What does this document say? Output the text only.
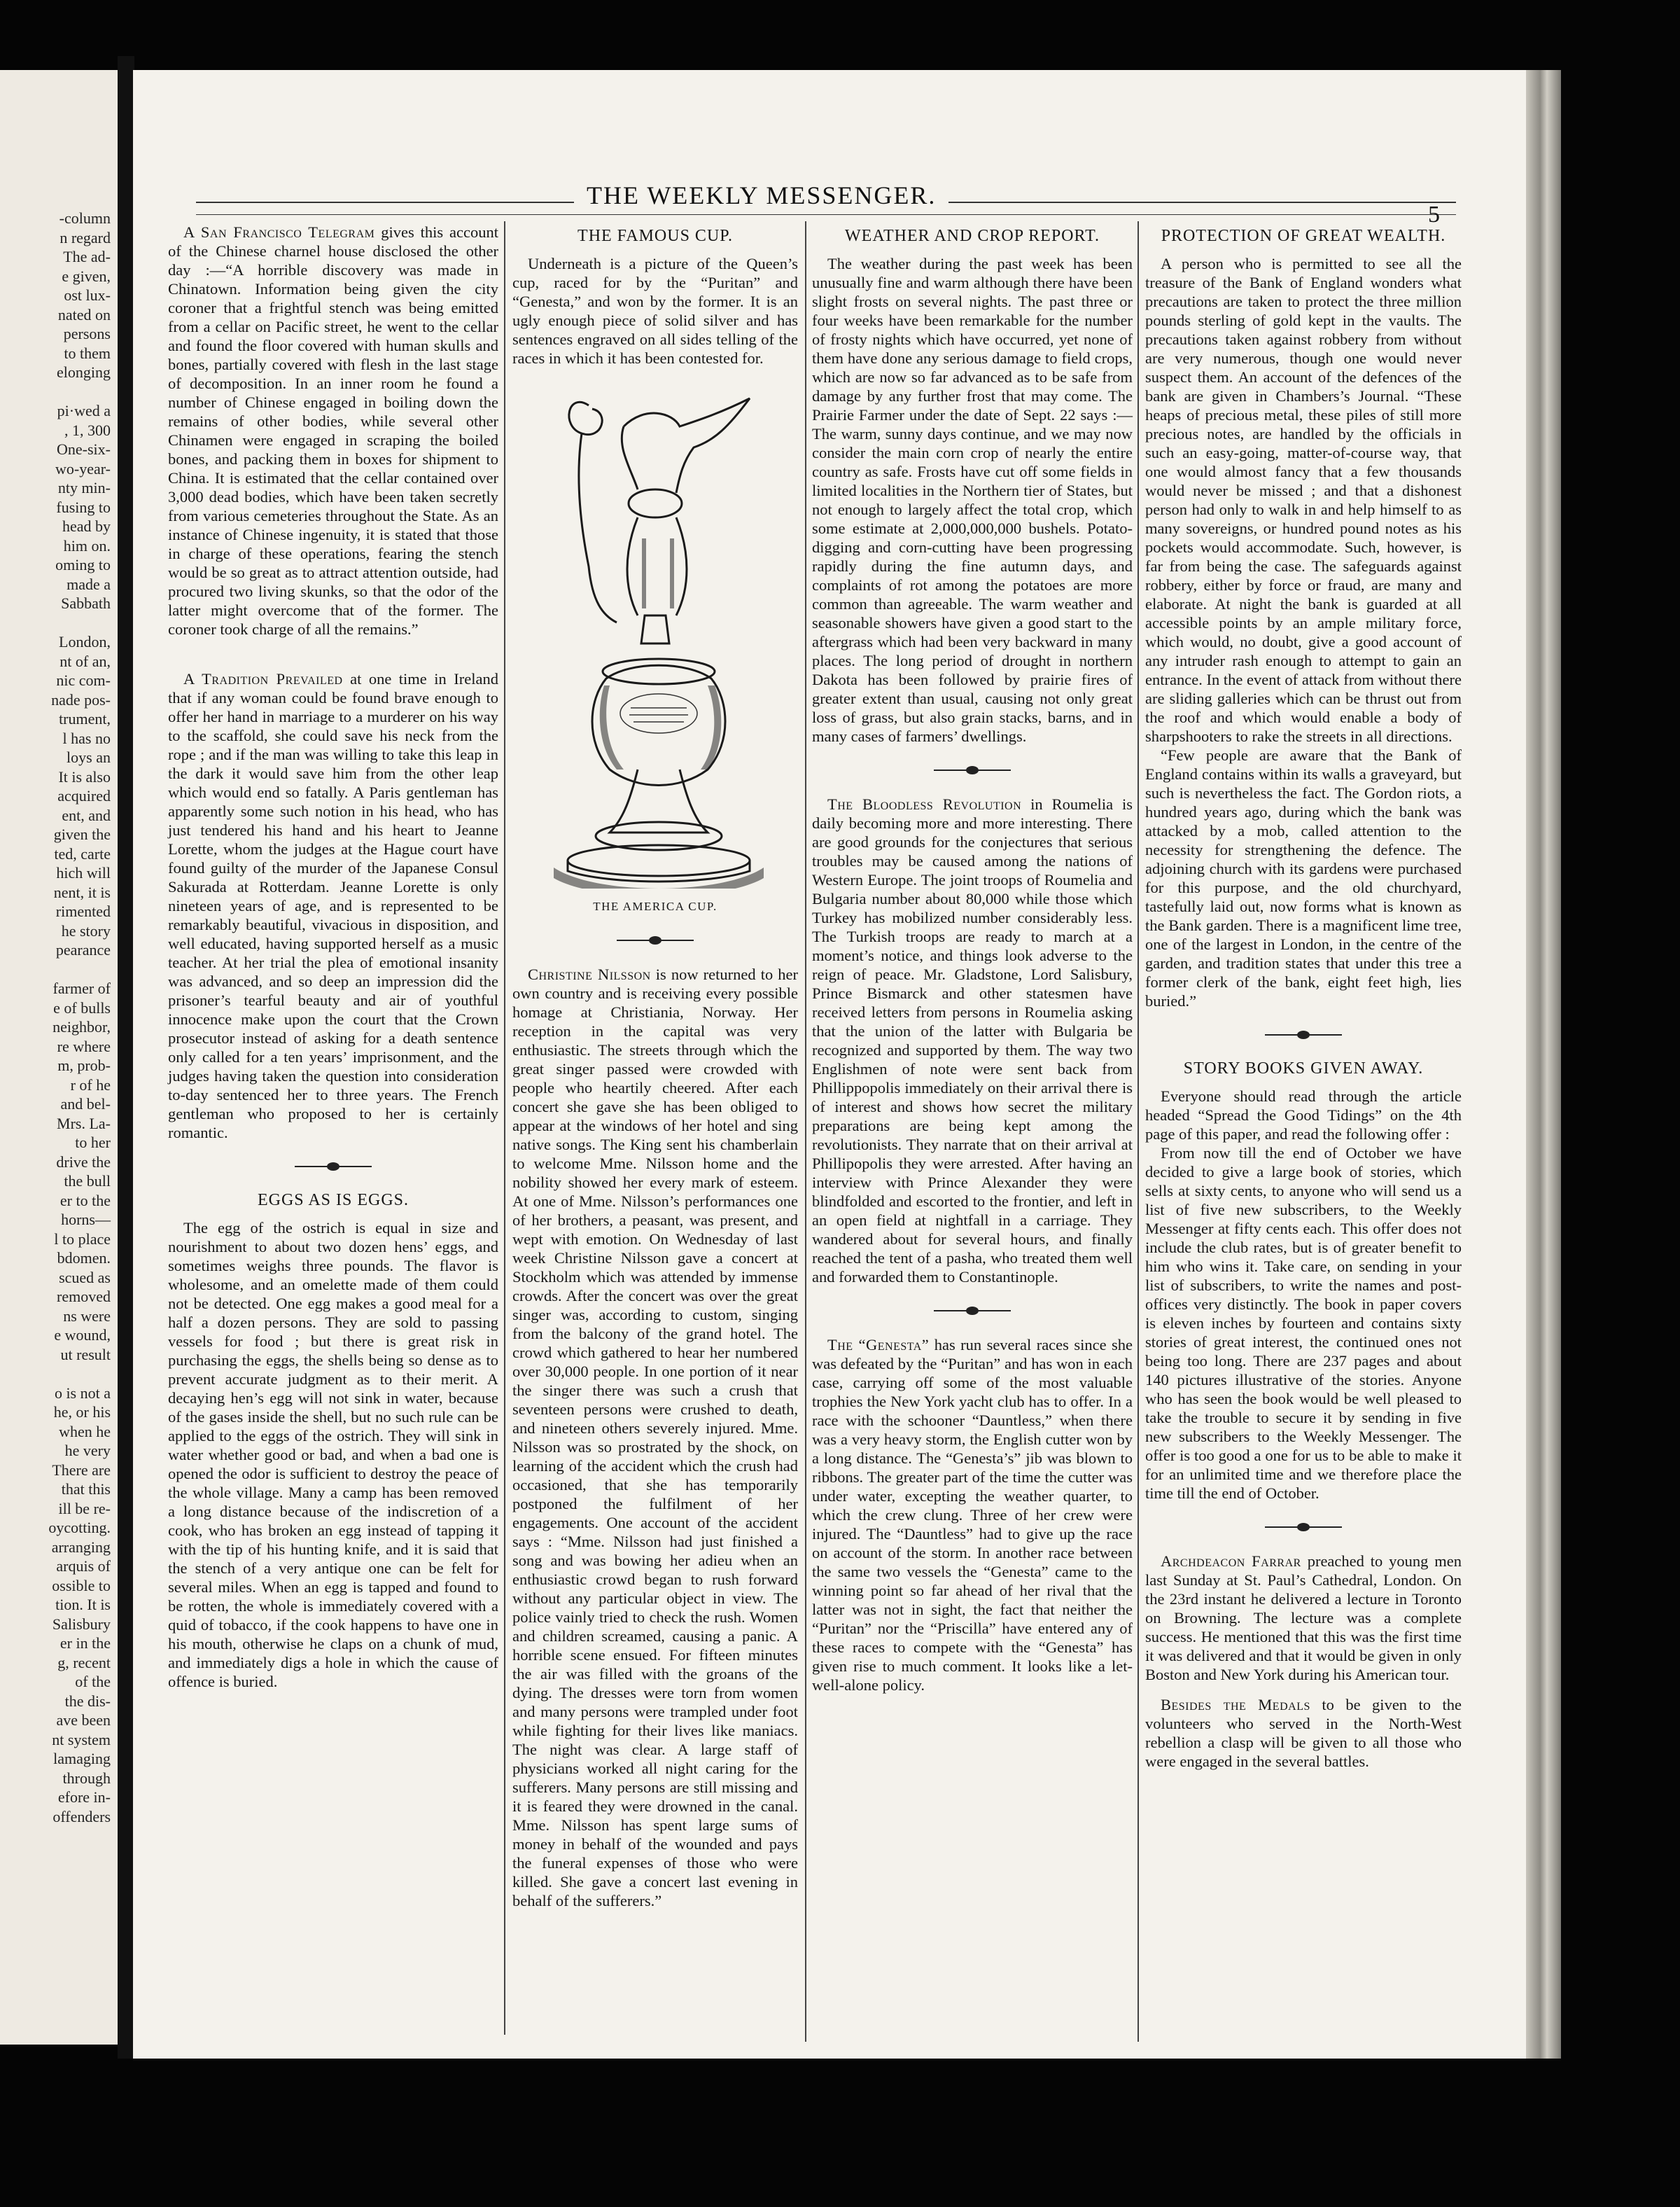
-column
n regard
The ad-
e given,
ost lux-
nated on
persons
to them
elonging

pi·wed a
, 1, 300
One-six-
wo-year-
nty min-
fusing to
head by
him on.
oming to
made a
Sabbath

London,
nt of an,
nic com-
nade pos-
trument,
l has no
loys an
It is also
acquired
ent, and
given the
ted, carte
hich will
nent, it is
rimented
he story
pearance

farmer of
e of bulls
neighbor,
re where
m, prob-
r of he
and bel-
Mrs. La-
to her
drive the
the bull
er to the
horns—
l to place
bdomen.
scued as
removed
ns were
e wound,
ut result

o is not a
he, or his
when he
he very
There are
that this
ill be re-
oycotting.
arranging
arquis of
ossible to
tion. It is
Salisbury
er in the
g, recent
of the
the dis-
ave been
nt system
lamaging
through
efore in-
offenders
THE WEEKLY MESSENGER.
5

A San Francisco Telegram gives this account of the Chinese charnel house disclosed the other day :—“A horrible discovery was made in Chinatown. Information being given the city coroner that a frightful stench was being emitted from a cellar on Pacific street, he went to the cellar and found the floor covered with human skulls and bones, partially covered with flesh in the last stage of decomposition. In an inner room he found a number of Chinese engaged in boiling down the remains of other bodies, while several other Chinamen were engaged in scraping the boiled bones, and packing them in boxes for shipment to China. It is estimated that the cellar contained over 3,000 dead bodies, which have been taken secretly from various cemeteries throughout the State. As an instance of Chinese ingenuity, it is stated that those in charge of these operations, fearing the stench would be so great as to attract attention outside, had procured two living skunks, so that the odor of the latter might overcome that of the former. The coroner took charge of all the remains.”

A Tradition Prevailed at one time in Ireland that if any woman could be found brave enough to offer her hand in marriage to a murderer on his way to the scaffold, she could save his neck from the rope ; and if the man was willing to take this leap in the dark it would save him from the other leap which would end so fatally. A Paris gentleman has apparently some such notion in his head, who has just tendered his hand and his heart to Jeanne Lorette, whom the judges at the Hague court have found guilty of the murder of the Japanese Consul Sakurada at Rotterdam. Jeanne Lorette is only nineteen years of age, and is represented to be remarkably beautiful, vivacious in disposition, and well educated, having supported herself as a music teacher. At her trial the plea of emotional insanity was advanced, and so deep an impression did the prisoner’s tearful beauty and air of youthful innocence make upon the court that the Crown prosecutor instead of asking for a death sentence only called for a ten years’ imprisonment, and the judges having taken the question into consideration to-day sentenced her to three years. The French gentleman who proposed to her is certainly romantic.

EGGS AS IS EGGS.

The egg of the ostrich is equal in size and nourishment to about two dozen hens’ eggs, and sometimes weighs three pounds. The flavor is wholesome, and an omelette made of them could not be detected. One egg makes a good meal for a half a dozen persons. They are sold to passing vessels for food ; but there is great risk in purchasing the eggs, the shells being so dense as to prevent accurate judgment as to their merit. A decaying hen’s egg will not sink in water, because of the gases inside the shell, but no such rule can be applied to the eggs of the ostrich. They will sink in water whether good or bad, and when a bad one is opened the odor is sufficient to destroy the peace of the whole village. Many a camp has been removed a long distance because of the indiscretion of a cook, who has broken an egg instead of tapping it with the tip of his hunting knife, and it is said that the stench of a very antique one can be felt for several miles. When an egg is tapped and found to be rotten, the whole is immediately covered with a quid of tobacco, if the cook happens to have one in his mouth, otherwise he claps on a chunk of mud, and immediately digs a hole in which the cause of offence is buried.

THE FAMOUS CUP.

Underneath is a picture of the Queen’s cup, raced for by the “Puritan” and “Genesta,” and won by the former. It is an ugly enough piece of solid silver and has sentences engraved on all sides telling of the races in which it has been contested for.

THE AMERICA CUP.

Christine Nilsson is now returned to her own country and is receiving every possible homage at Christiania, Norway. Her reception in the capital was very enthusiastic. The streets through which the great singer passed were crowded with people who heartily cheered. After each concert she gave she has been obliged to appear at the windows of her hotel and sing native songs. The King sent his chamberlain to welcome Mme. Nilsson home and the nobility showed her every mark of esteem. At one of Mme. Nilsson’s performances one of her brothers, a peasant, was present, and wept with emotion. On Wednesday of last week Christine Nilsson gave a concert at Stockholm which was attended by immense crowds. After the concert was over the great singer was, according to custom, singing from the balcony of the grand hotel. The crowd which gathered to hear her numbered over 30,000 people. In one portion of it near the singer there was such a crush that seventeen persons were crushed to death, and nineteen others severely injured. Mme. Nilsson was so prostrated by the shock, on learning of the accident which the crush had occasioned, that she has temporarily postponed the fulfilment of her engagements. One account of the accident says : “Mme. Nilsson had just finished a song and was bowing her adieu when an enthusiastic crowd began to rush forward without any particular object in view. The police vainly tried to check the rush. Women and children screamed, causing a panic. A horrible scene ensued. For fifteen minutes the air was filled with the groans of the dying. The dresses were torn from women and many persons were trampled under foot while fighting for their lives like maniacs. The night was clear. A large staff of physicians worked all night caring for the sufferers. Many persons are still missing and it is feared they were drowned in the canal. Mme. Nilsson has spent large sums of money in behalf of the wounded and pays the funeral expenses of those who were killed. She gave a concert last evening in behalf of the sufferers.”

WEATHER AND CROP REPORT.

The weather during the past week has been unusually fine and warm although there have been slight frosts on several nights. The past three or four weeks have been remarkable for the number of frosty nights which have occurred, yet none of them have done any serious damage to field crops, which are now so far advanced as to be safe from damage by any further frost that may come. The Prairie Farmer under the date of Sept. 22 says :—The warm, sunny days continue, and we may now consider the main corn crop of nearly the entire country as safe. Frosts have cut off some fields in limited localities in the Northern tier of States, but not enough to largely affect the total crop, which some estimate at 2,000,000,000 bushels. Potato-digging and corn-cutting have been progressing rapidly during the fine autumn days, and complaints of rot among the potatoes are more common than agreeable. The warm weather and seasonable showers have given a good start to the aftergrass which had been very backward in many places. The long period of drought in northern Dakota has been followed by prairie fires of greater extent than usual, causing not only great loss of grass, but also grain stacks, barns, and in many cases of farmers’ dwellings.

The Bloodless Revolution in Roumelia is daily becoming more and more interesting. There are good grounds for the conjectures that serious troubles may be caused among the nations of Western Europe. The joint troops of Roumelia and Bulgaria number about 80,000 while those which Turkey has mobilized number considerably less. The Turkish troops are ready to march at a moment’s notice, and things look adverse to the reign of peace. Mr. Gladstone, Lord Salisbury, Prince Bismarck and other statesmen have received letters from persons in Roumelia asking that the union of the latter with Bulgaria be recognized and supported by them. The way two Englishmen of note were sent back from Phillippopolis immediately on their arrival there is of interest and shows how secret the military preparations are being kept among the revolutionists. They narrate that on their arrival at Phillipopolis they were arrested. After having an interview with Prince Alexander they were blindfolded and escorted to the frontier, and left in an open field at nightfall in a carriage. They wandered about for several hours, and finally reached the tent of a pasha, who treated them well and forwarded them to Constantinople.

The “Genesta” has run several races since she was defeated by the “Puritan” and has won in each case, carrying off some of the most valuable trophies the New York yacht club has to offer. In a race with the schooner “Dauntless,” when there was a very heavy storm, the English cutter won by a long distance. The “Genesta’s” jib was blown to ribbons. The greater part of the time the cutter was under water, excepting the weather quarter, to which the crew clung. Three of her crew were injured. The “Dauntless” had to give up the race on account of the storm. In another race between the same two vessels the “Genesta” came to the winning point so far ahead of her rival that the latter was not in sight, the fact that neither the “Puritan” nor the “Priscilla” have entered any of these races to compete with the “Genesta” has given rise to much comment. It looks like a let-well-alone policy.

PROTECTION OF GREAT WEALTH.

A person who is permitted to see all the treasure of the Bank of England wonders what precautions are taken to protect the three million pounds sterling of gold kept in the vaults. The precautions taken against robbery from without are very numerous, though one would never suspect them. An account of the defences of the bank are given in Chambers’s Journal. “These heaps of precious metal, these piles of still more precious notes, are handled by the officials in such an easy-going, matter-of-course way, that one would almost fancy that a few thousands would never be missed ; and that a dishonest person had only to walk in and help himself to as many sovereigns, or hundred pound notes as his pockets would accommodate. Such, however, is far from being the case. The safeguards against robbery, either by force or fraud, are many and elaborate. At night the bank is guarded at all accessible points by an ample military force, which would, no doubt, give a good account of any intruder rash enough to attempt to gain an entrance. In the event of attack from without there are sliding galleries which can be thrust out from the roof and which would enable a body of sharpshooters to rake the streets in all directions.

“Few people are aware that the Bank of England contains within its walls a graveyard, but such is nevertheless the fact. The Gordon riots, a hundred years ago, during which the bank was attacked by a mob, called attention to the necessity for strengthening the defence. The adjoining church with its gardens were purchased for this purpose, and the old churchyard, tastefully laid out, now forms what is known as the Bank garden. There is a magnificent lime tree, one of the largest in London, in the centre of the garden, and tradition states that under this tree a former clerk of the bank, eight feet high, lies buried.”

STORY BOOKS GIVEN AWAY.

Everyone should read through the article headed “Spread the Good Tidings” on the 4th page of this paper, and read the following offer :

From now till the end of October we have decided to give a large book of stories, which sells at sixty cents, to anyone who will send us a list of five new subscribers, to the Weekly Messenger at fifty cents each. This offer does not include the club rates, but is of greater benefit to him who wins it. Take care, on sending in your list of subscribers, to write the names and post-offices very distinctly. The book in paper covers is eleven inches by fourteen and contains sixty stories of great interest, the continued ones not being too long. There are 237 pages and about 140 pictures illustrative of the stories. Anyone who has seen the book would be well pleased to take the trouble to secure it by sending in five new subscribers to the Weekly Messenger. The offer is too good a one for us to be able to make it for an unlimited time and we therefore place the time till the end of October.

Archdeacon Farrar preached to young men last Sunday at St. Paul’s Cathedral, London. On the 23rd instant he delivered a lecture in Toronto on Browning. The lecture was a complete success. He mentioned that this was the first time it was delivered and that it would be given in only Boston and New York during his American tour.

Besides the Medals to be given to the volunteers who served in the North-West rebellion a clasp will be given to all those who were engaged in the several battles.
